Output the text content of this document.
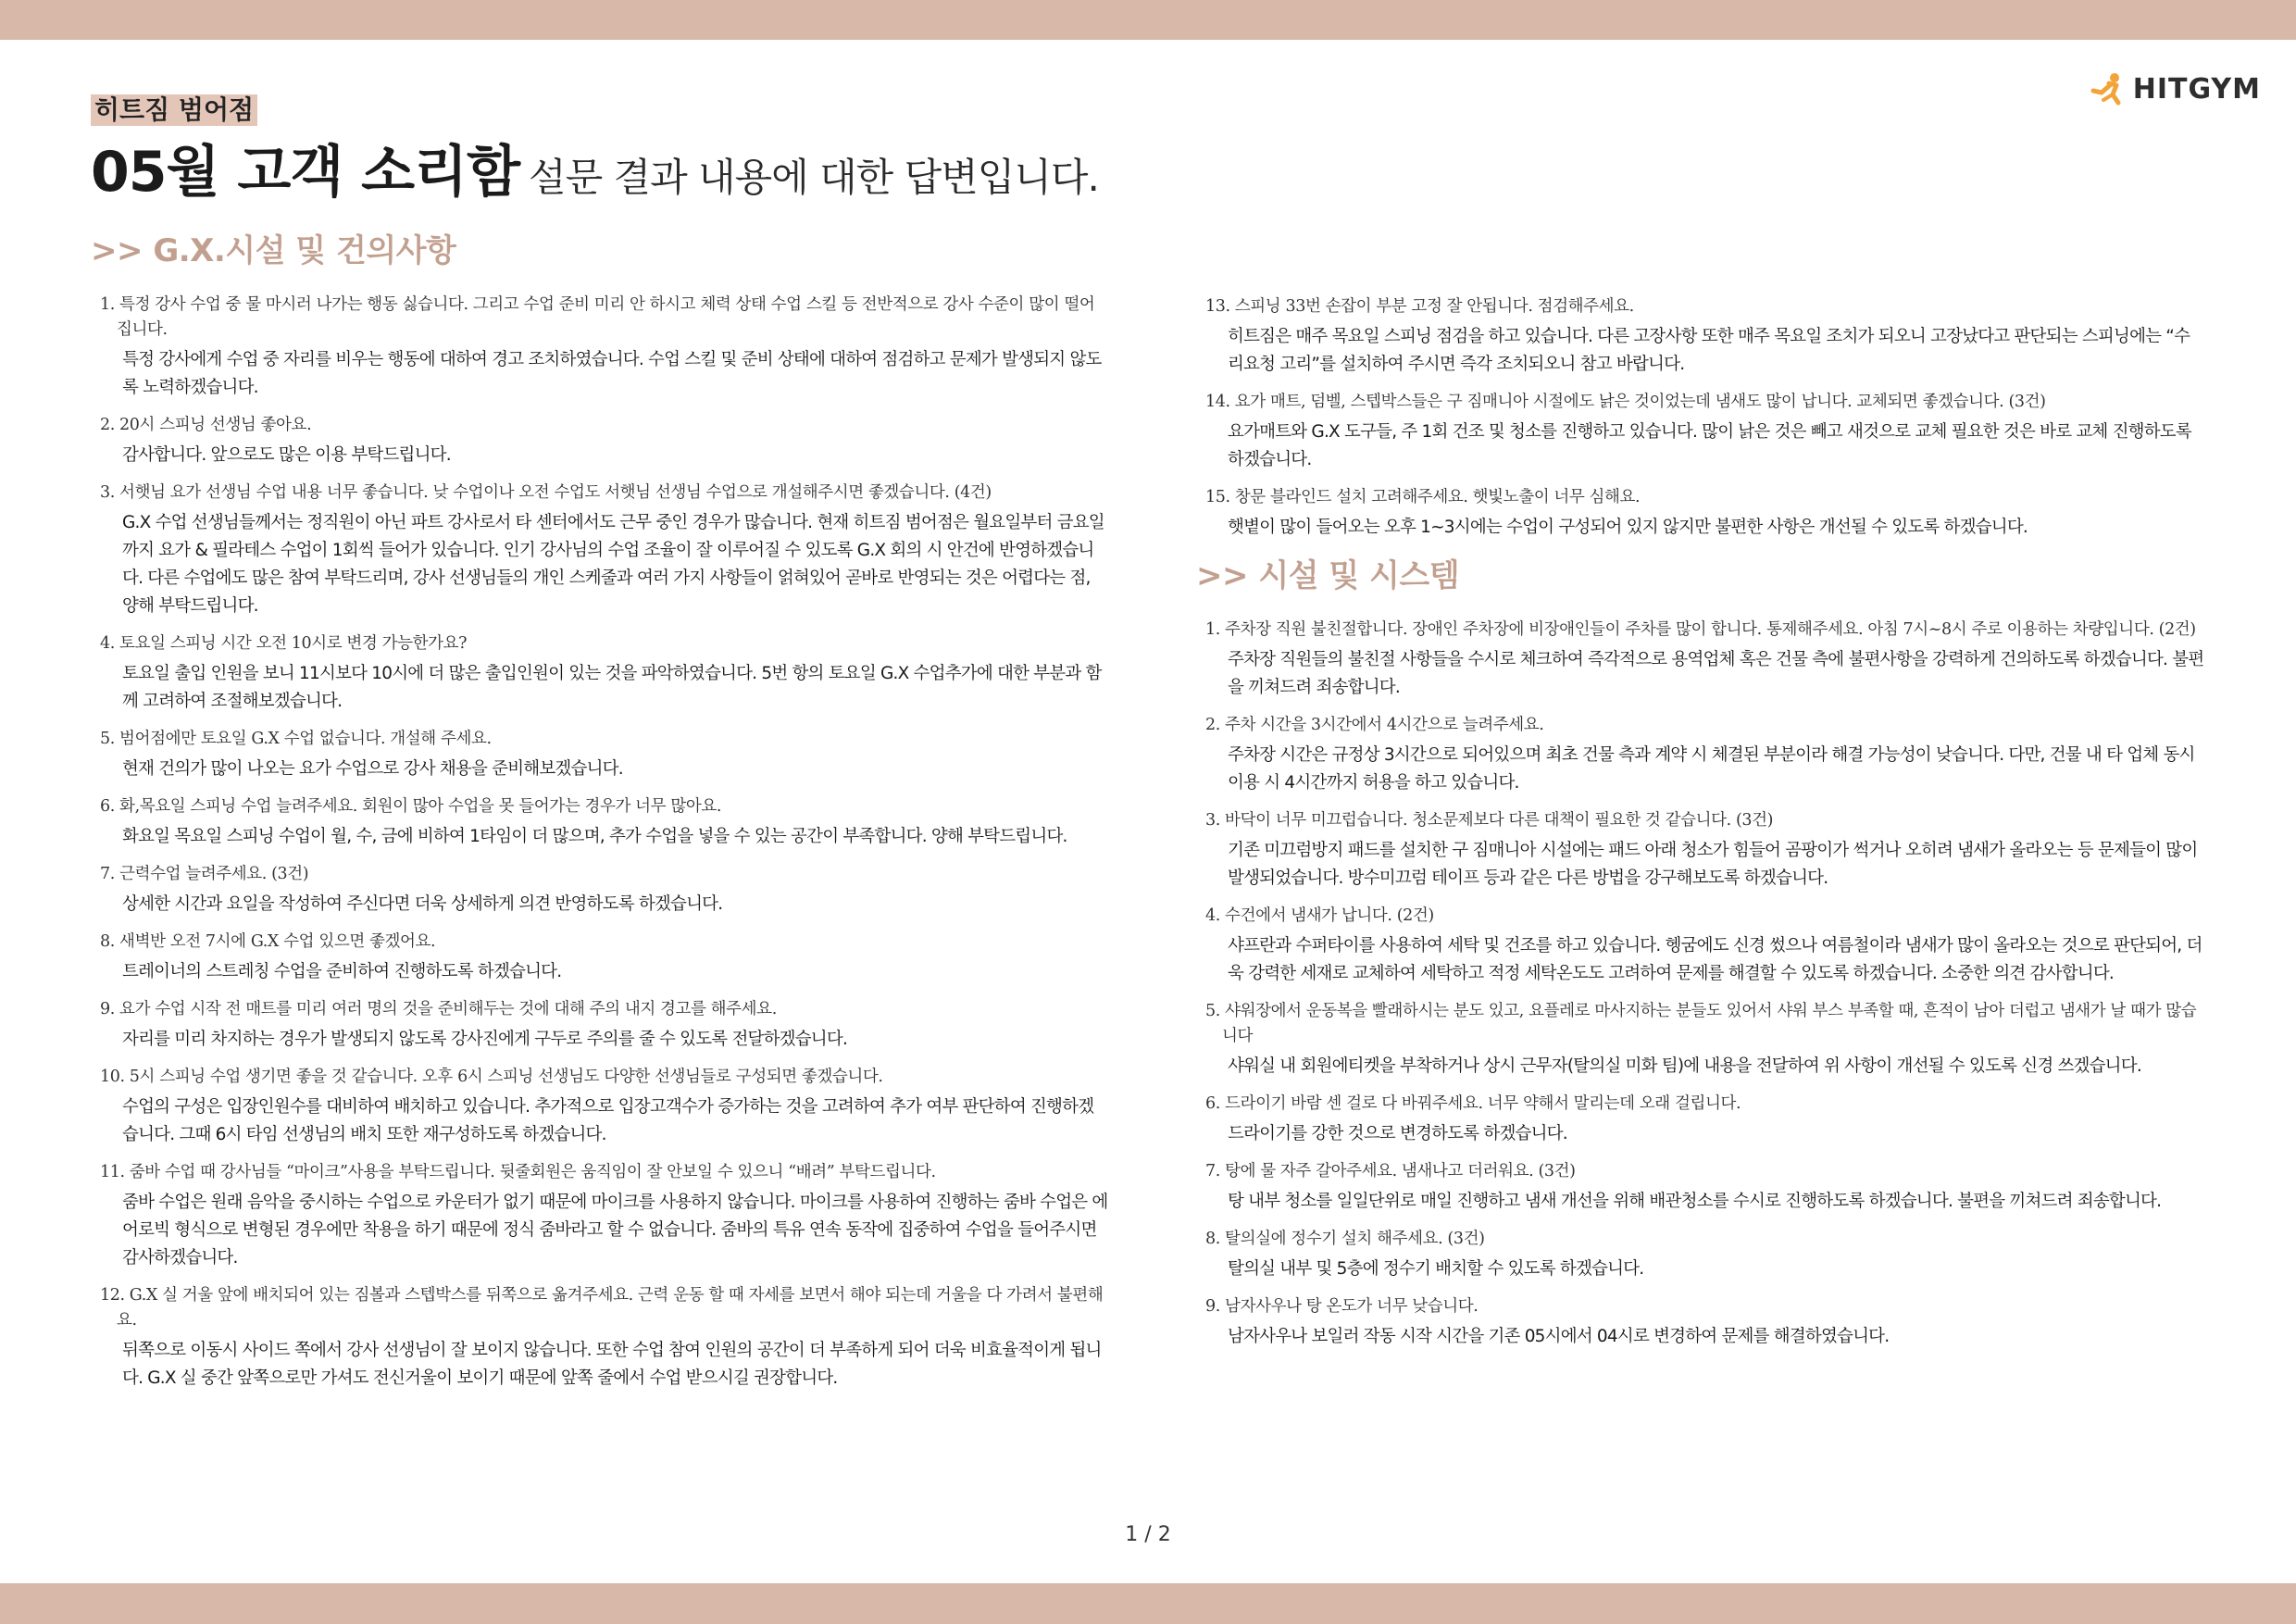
HITGYM
히트짐 범어점
05월 고객 소리함 설문 결과 내용에 대한 답변입니다.
>> G.X.시설 및 건의사항
1. 특정 강사 수업 중 물 마시러 나가는 행동 싫습니다. 그리고 수업 준비 미리 안 하시고 체력 상태 수업 스킬 등 전반적으로 강사 수준이 많이 떨어집니다.
특정 강사에게 수업 중 자리를 비우는 행동에 대하여 경고 조치하였습니다. 수업 스킬 및 준비 상태에 대하여 점검하고 문제가 발생되지 않도록 노력하겠습니다.
2. 20시 스피닝 선생님 좋아요.
감사합니다. 앞으로도 많은 이용 부탁드립니다.
3. 서햇님 요가 선생님 수업 내용 너무 좋습니다. 낮 수업이나 오전 수업도 서햇님 선생님 수업으로 개설해주시면 좋겠습니다. (4건)
G.X 수업 선생님들께서는 정직원이 아닌 파트 강사로서 타 센터에서도 근무 중인 경우가 많습니다. 현재 히트짐 범어점은 월요일부터 금요일까지 요가 & 필라테스 수업이 1회씩 들어가 있습니다. 인기 강사님의 수업 조율이 잘 이루어질 수 있도록 G.X 회의 시 안건에 반영하겠습니다. 다른 수업에도 많은 참여 부탁드리며, 강사 선생님들의 개인 스케줄과 여러 가지 사항들이 얽혀있어 곧바로 반영되는 것은 어렵다는 점, 양해 부탁드립니다.
4. 토요일 스피닝 시간 오전 10시로 변경 가능한가요?
토요일 출입 인원을 보니 11시보다 10시에 더 많은 출입인원이 있는 것을 파악하였습니다. 5번 항의 토요일 G.X 수업추가에 대한 부분과 함께 고려하여 조절해보겠습니다.
5. 범어점에만 토요일 G.X 수업 없습니다. 개설해 주세요.
현재 건의가 많이 나오는 요가 수업으로 강사 채용을 준비해보겠습니다.
6. 화,목요일 스피닝 수업 늘려주세요. 회원이 많아 수업을 못 들어가는 경우가 너무 많아요.
화요일 목요일 스피닝 수업이 월, 수, 금에 비하여 1타임이 더 많으며, 추가 수업을 넣을 수 있는 공간이 부족합니다. 양해 부탁드립니다.
7. 근력수업 늘려주세요. (3건)
상세한 시간과 요일을 작성하여 주신다면 더욱 상세하게 의견 반영하도록 하겠습니다.
8. 새벽반 오전 7시에 G.X 수업 있으면 좋겠어요.
트레이너의 스트레칭 수업을 준비하여 진행하도록 하겠습니다.
9. 요가 수업 시작 전 매트를 미리 여러 명의 것을 준비해두는 것에 대해 주의 내지 경고를 해주세요.
자리를 미리 차지하는 경우가 발생되지 않도록 강사진에게 구두로 주의를 줄 수 있도록 전달하겠습니다.
10. 5시 스피닝 수업 생기면 좋을 것 같습니다. 오후 6시 스피닝 선생님도 다양한 선생님들로 구성되면 좋겠습니다.
수업의 구성은 입장인원수를 대비하여 배치하고 있습니다. 추가적으로 입장고객수가 증가하는 것을 고려하여 추가 여부 판단하여 진행하겠습니다. 그때 6시 타임 선생님의 배치 또한 재구성하도록 하겠습니다.
11. 줌바 수업 때 강사님들 “마이크”사용을 부탁드립니다. 뒷줄회원은 움직임이 잘 안보일 수 있으니 “배려” 부탁드립니다.
줌바 수업은 원래 음악을 중시하는 수업으로 카운터가 없기 때문에 마이크를 사용하지 않습니다. 마이크를 사용하여 진행하는 줌바 수업은 에어로빅 형식으로 변형된 경우에만 착용을 하기 때문에 정식 줌바라고 할 수 없습니다. 줌바의 특유 연속 동작에 집중하여 수업을 들어주시면 감사하겠습니다.
12. G.X 실 거울 앞에 배치되어 있는 짐볼과 스텝박스를 뒤쪽으로 옮겨주세요. 근력 운동 할 때 자세를 보면서 해야 되는데 거울을 다 가려서 불편해요.
뒤쪽으로 이동시 사이드 쪽에서 강사 선생님이 잘 보이지 않습니다. 또한 수업 참여 인원의 공간이 더 부족하게 되어 더욱 비효율적이게 됩니다. G.X 실 중간 앞쪽으로만 가셔도 전신거울이 보이기 때문에 앞쪽 줄에서 수업 받으시길 권장합니다.
13. 스피닝 33번 손잡이 부분 고정 잘 안됩니다. 점검해주세요.
히트짐은 매주 목요일 스피닝 점검을 하고 있습니다. 다른 고장사항 또한 매주 목요일 조치가 되오니 고장났다고 판단되는 스피닝에는 “수리요청 고리”를 설치하여 주시면 즉각 조치되오니 참고 바랍니다.
14. 요가 매트, 덤벨, 스텝박스들은 구 짐매니아 시절에도 낡은 것이었는데 냄새도 많이 납니다. 교체되면 좋겠습니다. (3건)
요가매트와 G.X 도구들, 주 1회 건조 및 청소를 진행하고 있습니다. 많이 낡은 것은 빼고 새것으로 교체 필요한 것은 바로 교체 진행하도록 하겠습니다.
15. 창문 블라인드 설치 고려해주세요. 햇빛노출이 너무 심해요.
햇볕이 많이 들어오는 오후 1~3시에는 수업이 구성되어 있지 않지만 불편한 사항은 개선될 수 있도록 하겠습니다.
>> 시설 및 시스템
1. 주차장 직원 불친절합니다. 장애인 주차장에 비장애인들이 주차를 많이 합니다. 통제해주세요. 아침 7시~8시 주로 이용하는 차량입니다. (2건)
주차장 직원들의 불친절 사항들을 수시로 체크하여 즉각적으로 용역업체 혹은 건물 측에 불편사항을 강력하게 건의하도록 하겠습니다. 불편을 끼쳐드려 죄송합니다.
2. 주차 시간을 3시간에서 4시간으로 늘려주세요.
주차장 시간은 규정상 3시간으로 되어있으며 최초 건물 측과 계약 시 체결된 부분이라 해결 가능성이 낮습니다. 다만, 건물 내 타 업체 동시이용 시 4시간까지 허용을 하고 있습니다.
3. 바닥이 너무 미끄럽습니다. 청소문제보다 다른 대책이 필요한 것 같습니다. (3건)
기존 미끄럼방지 패드를 설치한 구 짐매니아 시설에는 패드 아래 청소가 힘들어 곰팡이가 썩거나 오히려 냄새가 올라오는 등 문제들이 많이 발생되었습니다. 방수미끄럼 테이프 등과 같은 다른 방법을 강구해보도록 하겠습니다.
4. 수건에서 냄새가 납니다. (2건)
샤프란과 수퍼타이를 사용하여 세탁 및 건조를 하고 있습니다. 헹굼에도 신경 썼으나 여름철이라 냄새가 많이 올라오는 것으로 판단되어, 더욱 강력한 세재로 교체하여 세탁하고 적정 세탁온도도 고려하여 문제를 해결할 수 있도록 하겠습니다. 소중한 의견 감사합니다.
5. 샤워장에서 운동복을 빨래하시는 분도 있고, 요플레로 마사지하는 분들도 있어서 샤워 부스 부족할 때, 흔적이 남아 더럽고 냄새가 날 때가 많습니다
샤워실 내 회원에티켓을 부착하거나 상시 근무자(탈의실 미화 팀)에 내용을 전달하여 위 사항이 개선될 수 있도록 신경 쓰겠습니다.
6. 드라이기 바람 센 걸로 다 바꿔주세요. 너무 약해서 말리는데 오래 걸립니다.
드라이기를 강한 것으로 변경하도록 하겠습니다.
7. 탕에 물 자주 갈아주세요. 냄새나고 더러워요. (3건)
탕 내부 청소를 일일단위로 매일 진행하고 냄새 개선을 위해 배관청소를 수시로 진행하도록 하겠습니다. 불편을 끼쳐드려 죄송합니다.
8. 탈의실에 정수기 설치 해주세요. (3건)
탈의실 내부 및 5층에 정수기 배치할 수 있도록 하겠습니다.
9. 남자사우나 탕 온도가 너무 낮습니다.
남자사우나 보일러 작동 시작 시간을 기존 05시에서 04시로 변경하여 문제를 해결하였습니다.
1 / 2
